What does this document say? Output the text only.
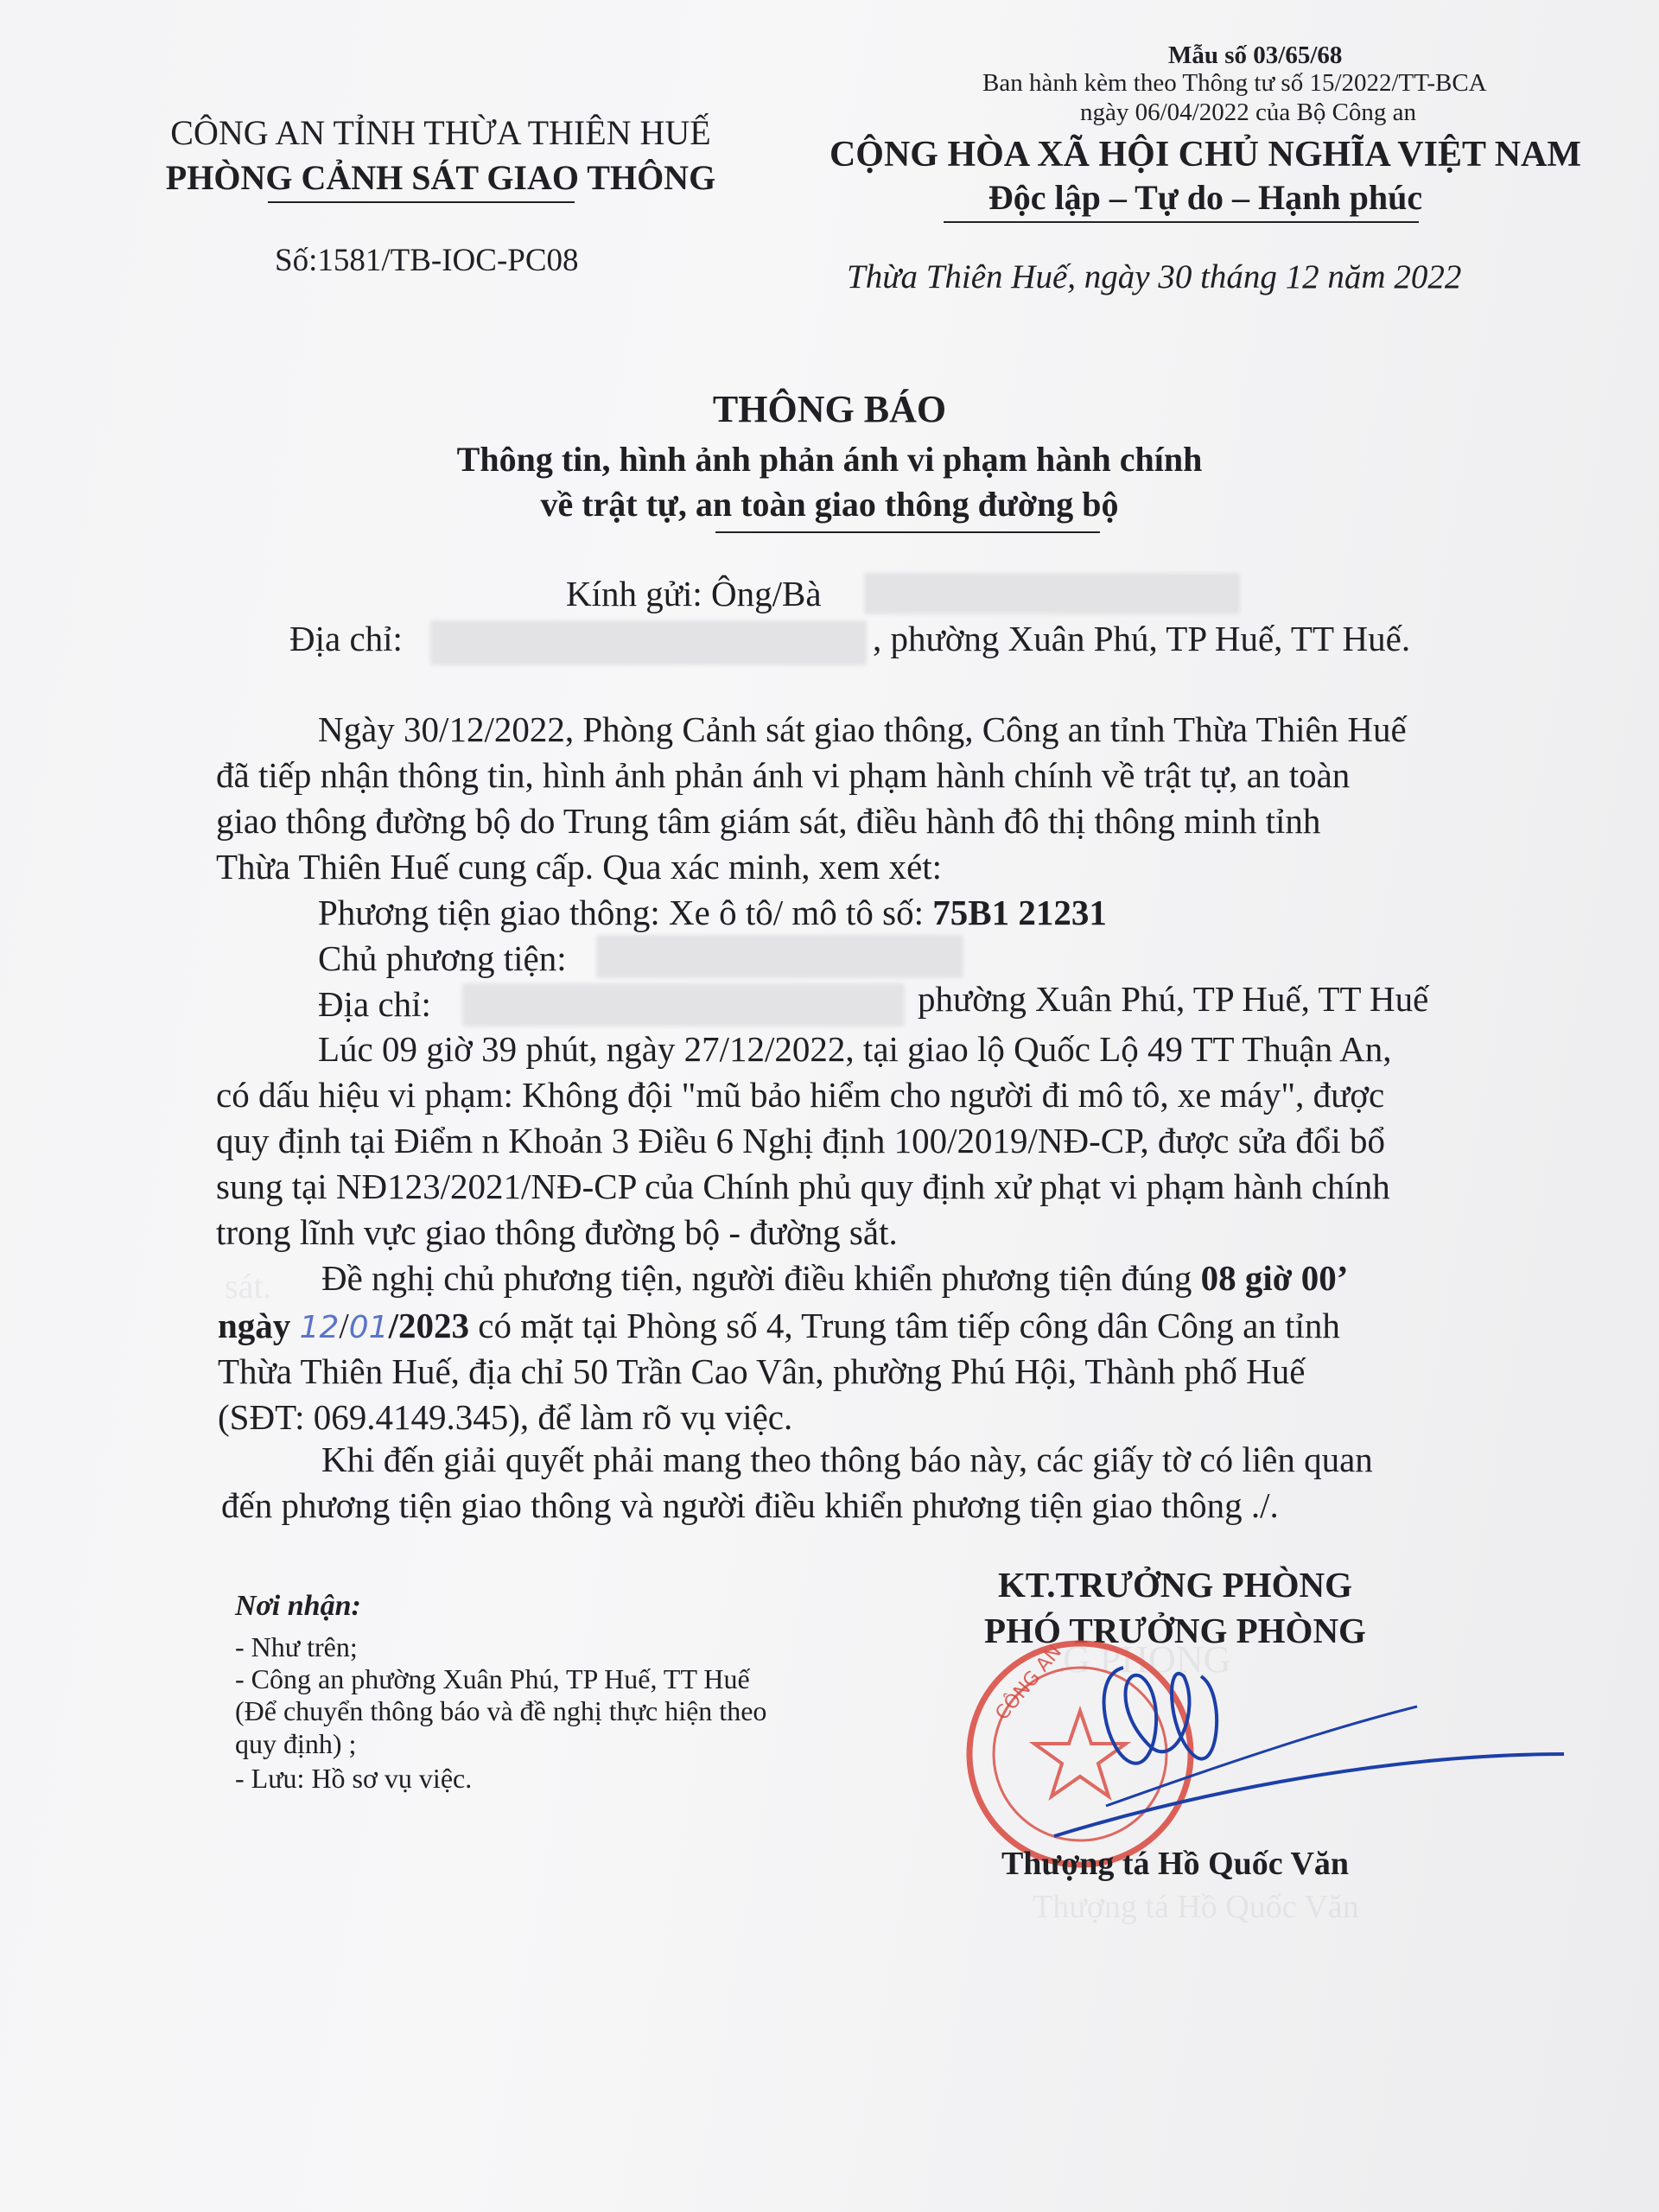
sát.
G PHÒNG
Mẫu số 03/65/68
Ban hành kèm theo Thông tư số 15/2022/TT-BCA
ngày 06/04/2022 của Bộ Công an
CÔNG AN TỈNH THỪA THIÊN HUẾ
PHÒNG CẢNH SÁT GIAO THÔNG
Số:1581/TB-IOC-PC08
CỘNG HÒA XÃ HỘI CHỦ NGHĨA VIỆT NAM
Độc lập – Tự do – Hạnh phúc
Thừa Thiên Huế, ngày 30 tháng 12 năm 2022
THÔNG BÁO
Thông tin, hình ảnh phản ánh vi phạm hành chính
về trật tự, an toàn giao thông đường bộ
Kính gửi: Ông/Bà
Địa chỉ:	, phường Xuân Phú, TP Huế, TT Huế.
Ngày 30/12/2022, Phòng Cảnh sát giao thông, Công an tỉnh Thừa Thiên Huế
đã tiếp nhận thông tin, hình ảnh phản ánh vi phạm hành chính về trật tự, an toàn
giao thông đường bộ do Trung tâm giám sát, điều hành đô thị thông minh tỉnh
Thừa Thiên Huế cung cấp. Qua xác minh, xem xét:
Phương tiện giao thông: Xe ô tô/ mô tô số: 75B1 21231
Chủ phương tiện:
Địa chỉ:	phường Xuân Phú, TP Huế, TT Huế
Lúc 09 giờ 39 phút, ngày 27/12/2022, tại giao lộ Quốc Lộ 49 TT Thuận An,
có dấu hiệu vi phạm: Không đội "mũ bảo hiểm cho người đi mô tô, xe máy", được
quy định tại Điểm n Khoản 3 Điều 6 Nghị định 100/2019/NĐ-CP, được sửa đổi bổ
sung tại NĐ123/2021/NĐ-CP của Chính phủ quy định xử phạt vi phạm hành chính
trong lĩnh vực giao thông đường bộ - đường sắt.
Đề nghị chủ phương tiện, người điều khiển phương tiện đúng 08 giờ 00’
ngày 12/01/2023 có mặt tại Phòng số 4, Trung tâm tiếp công dân Công an tỉnh
Thừa Thiên Huế, địa chỉ 50 Trần Cao Vân, phường Phú Hội, Thành phố Huế
(SĐT: 069.4149.345), để làm rõ vụ việc.
Khi đến giải quyết phải mang theo thông báo này, các giấy tờ có liên quan
đến phương tiện giao thông và người điều khiển phương tiện giao thông ./.
Nơi nhận:
- Như trên;
- Công an phường Xuân Phú, TP Huế, TT Huế
(Để chuyển thông báo và đề nghị thực hiện theo
quy định) ;
- Lưu: Hồ sơ vụ việc.
KT.TRƯỞNG PHÒNG
PHÓ TRƯỞNG PHÒNG
CÔNG AN
Thượng tá Hồ Quốc Văn
Thượng tá Hồ Quốc Văn
